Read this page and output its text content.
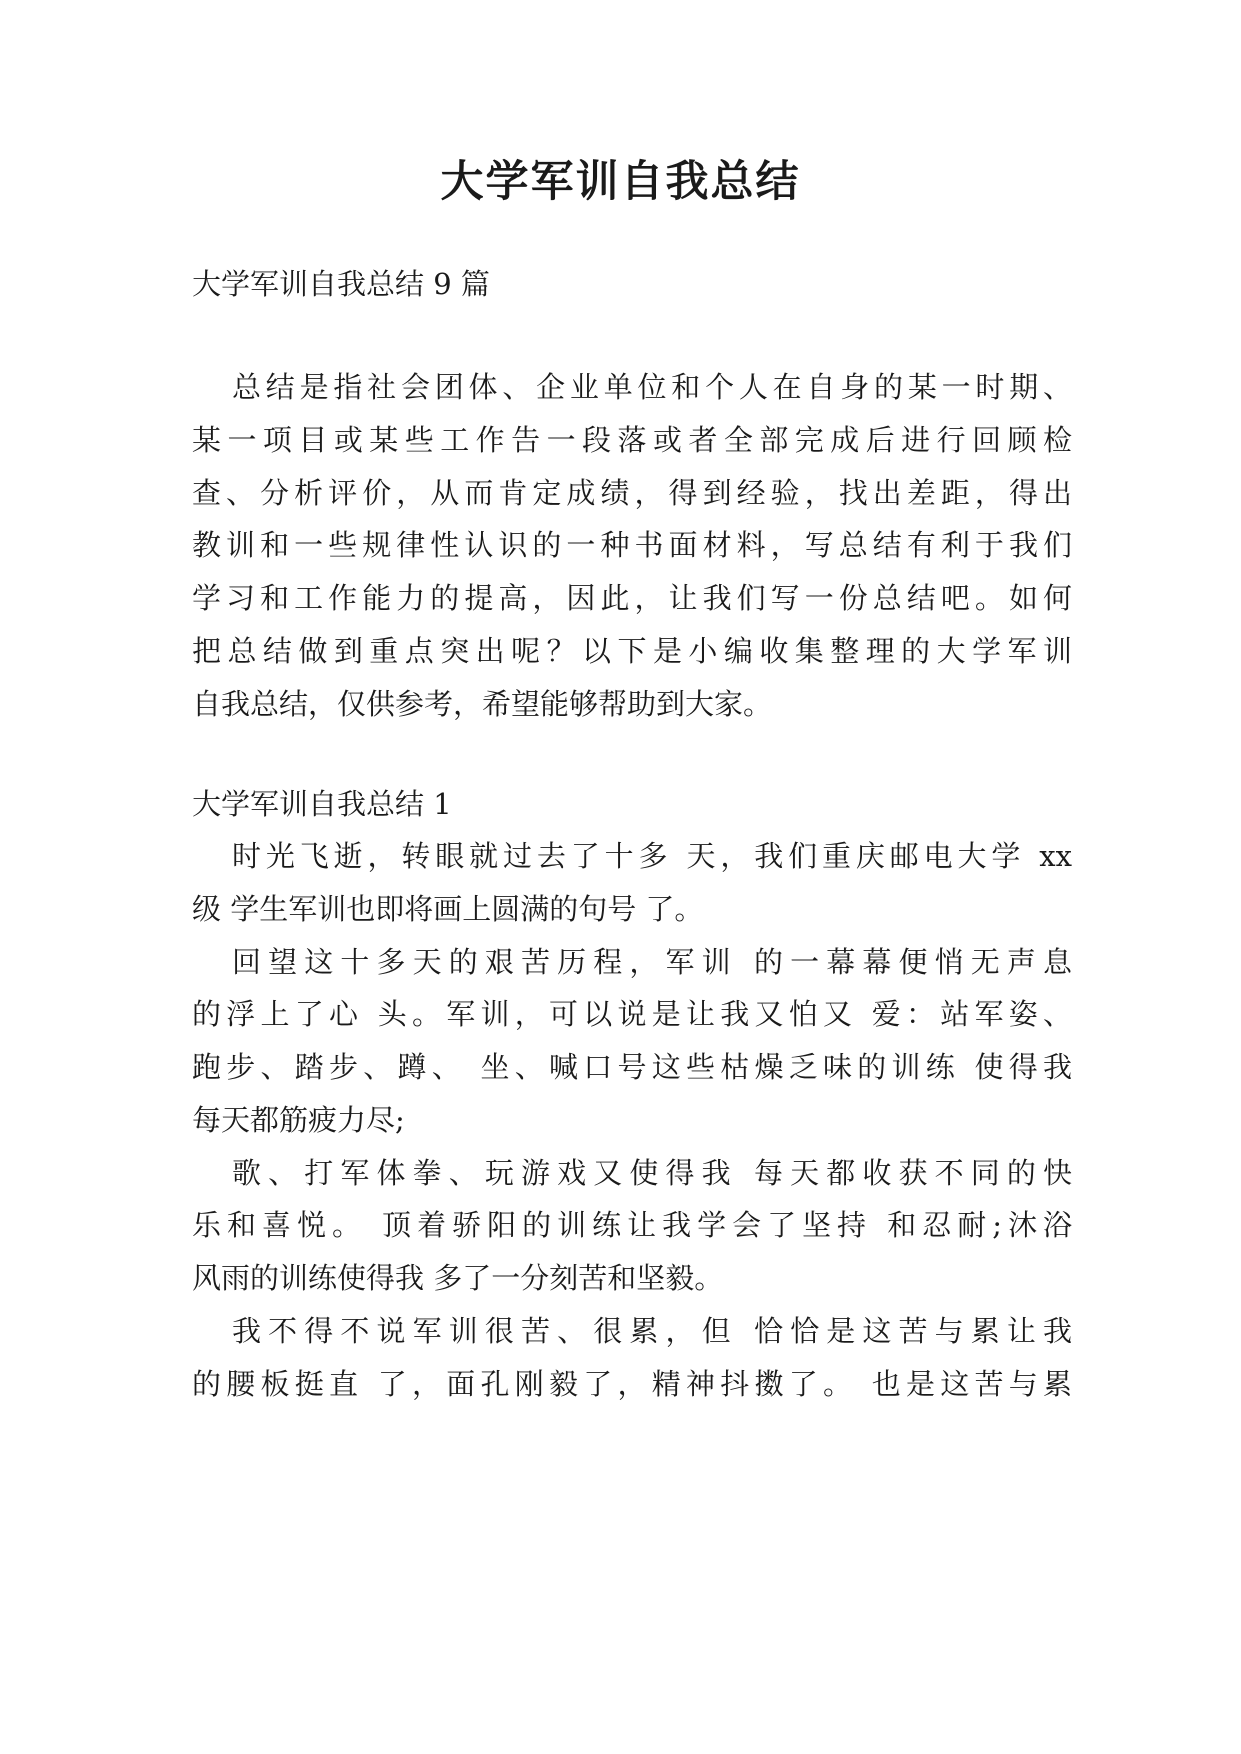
大学军训自我总结

大学军训自我总结 9 篇

总结是指社会团体、企业单位和个人在自身的某一时期、

某一项目或某些工作告一段落或者全部完成后进行回顾检

查、分析评价，从而肯定成绩，得到经验，找出差距，得出

教训和一些规律性认识的一种书面材料，写总结有利于我们

学习和工作能力的提高，因此，让我们写一份总结吧。如何

把总结做到重点突出呢？以下是小编收集整理的大学军训

自我总结，仅供参考，希望能够帮助到大家。

大学军训自我总结 1

时光飞逝，转眼就过去了十多 天，我们重庆邮电大学 xx

级 学生军训也即将画上圆满的句号 了。

回望这十多天的艰苦历程，军训 的一幕幕便悄无声息

的浮上了心 头。军训，可以说是让我又怕又 爱：站军姿、

跑步、踏步、蹲、 坐、喊口号这些枯燥乏味的训练 使得我

每天都筋疲力尽;

歌、打军体拳、玩游戏又使得我 每天都收获不同的快

乐和喜悦。 顶着骄阳的训练让我学会了坚持 和忍耐;沐浴

风雨的训练使得我 多了一分刻苦和坚毅。

我不得不说军训很苦、很累，但 恰恰是这苦与累让我

的腰板挺直 了，面孔刚毅了，精神抖擞了。 也是这苦与累
